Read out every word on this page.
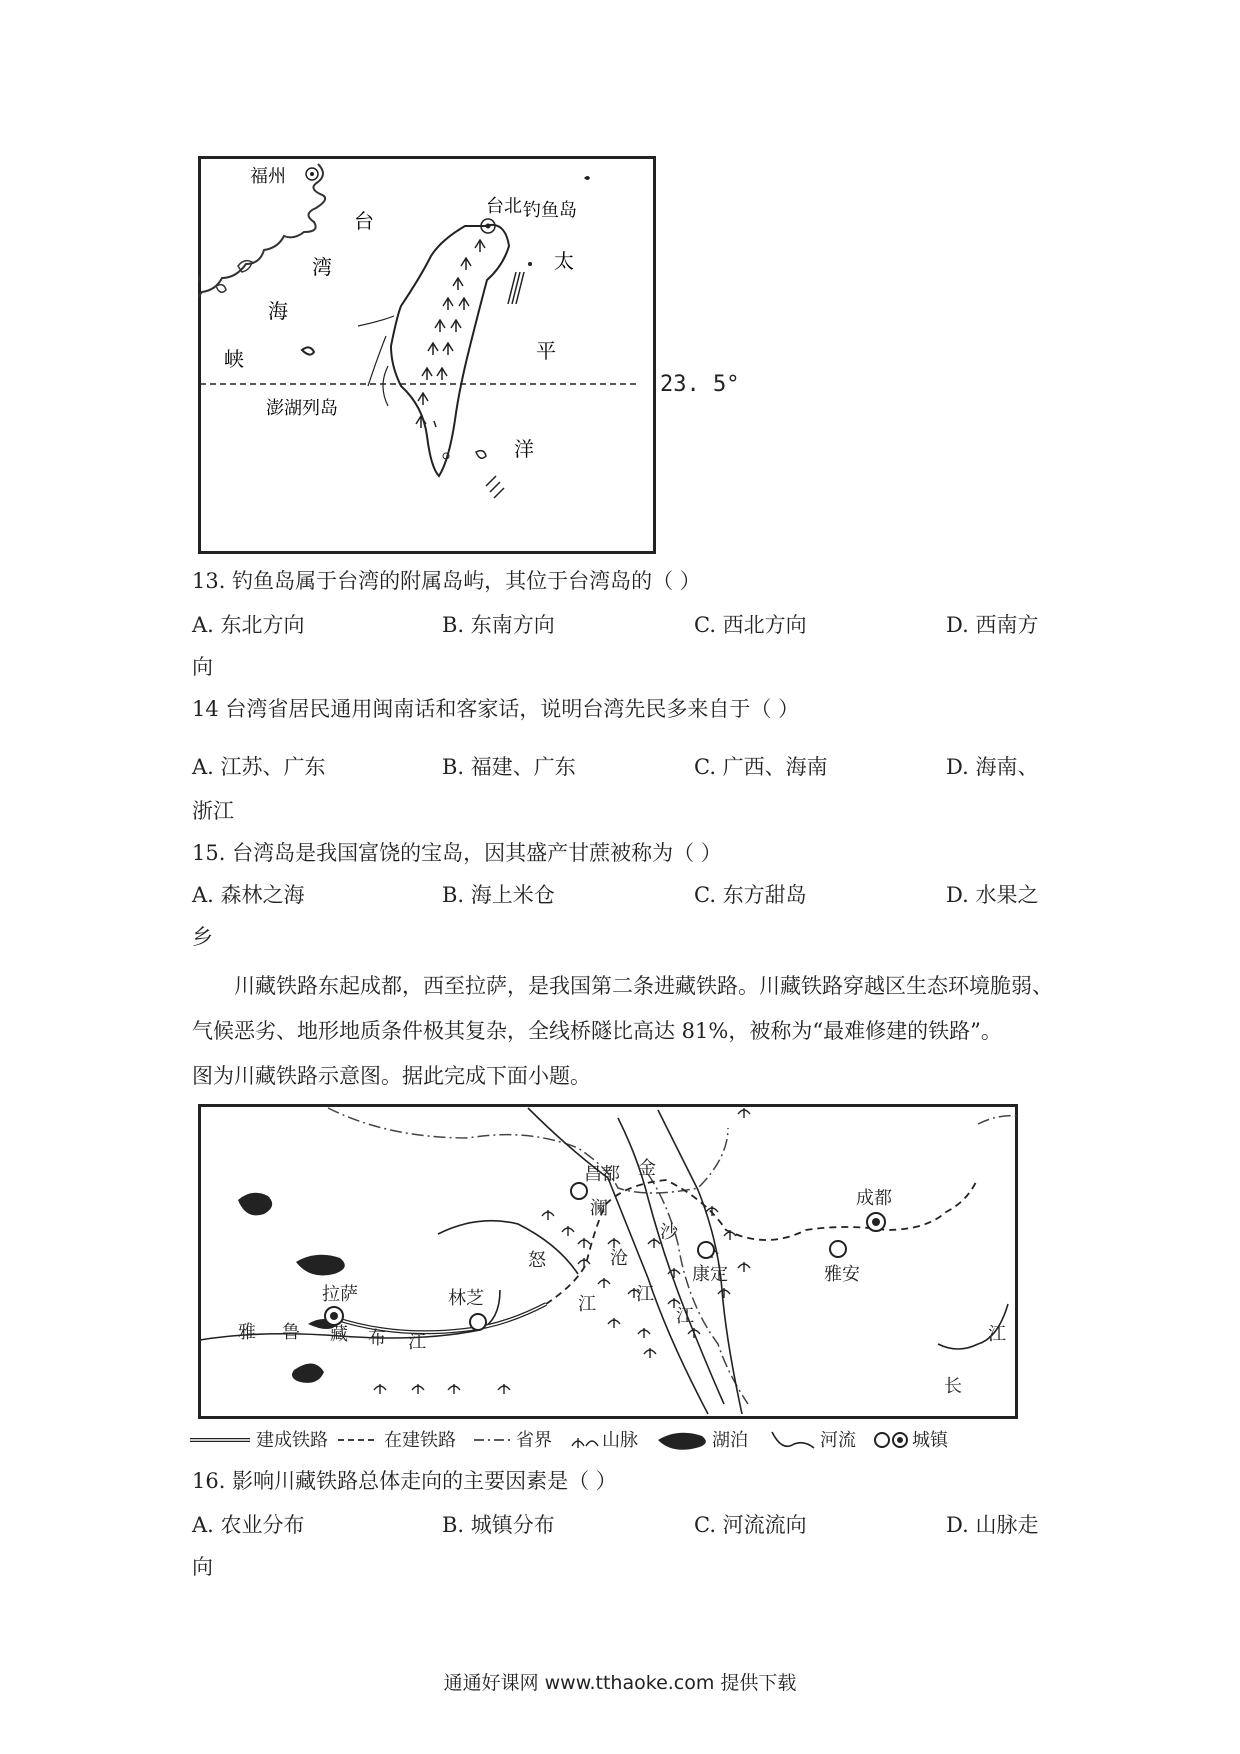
福州
台北 钓鱼岛
台
湾
海
峡
太
平
洋
澎湖列岛
23. 5°
13. 钓鱼岛属于台湾的附属岛屿，其位于台湾岛的（ ）
A. 东北方向	B. 东南方向	C. 西北方向	D. 西南方
向
14 台湾省居民通用闽南话和客家话，说明台湾先民多来自于（ ）
A. 江苏、广东	B. 福建、广东	C. 广西、海南	D. 海南、
浙江
15. 台湾岛是我国富饶的宝岛，因其盛产甘蔗被称为（ ）
A. 森林之海	B. 海上米仓	C. 东方甜岛	D. 水果之
乡
川藏铁路东起成都，西至拉萨，是我国第二条进藏铁路。川藏铁路穿越区生态环境脆弱、
气候恶劣、地形地质条件极其复杂，全线桥隧比高达 81%，被称为“最难修建的铁路”。
图为川藏铁路示意图。据此完成下面小题。
昌都 金
澜
沧
江
沙
江
怒
江
康定
成都
雅安
拉萨	林芝
雅 鲁 藏 布 江
长
江
建成铁路	在建铁路	省界	山脉	湖泊	河流	城镇
16. 影响川藏铁路总体走向的主要因素是（ ）
A. 农业分布	B. 城镇分布	C. 河流流向	D. 山脉走
向
通通好课网 www.tthaoke.com 提供下载
